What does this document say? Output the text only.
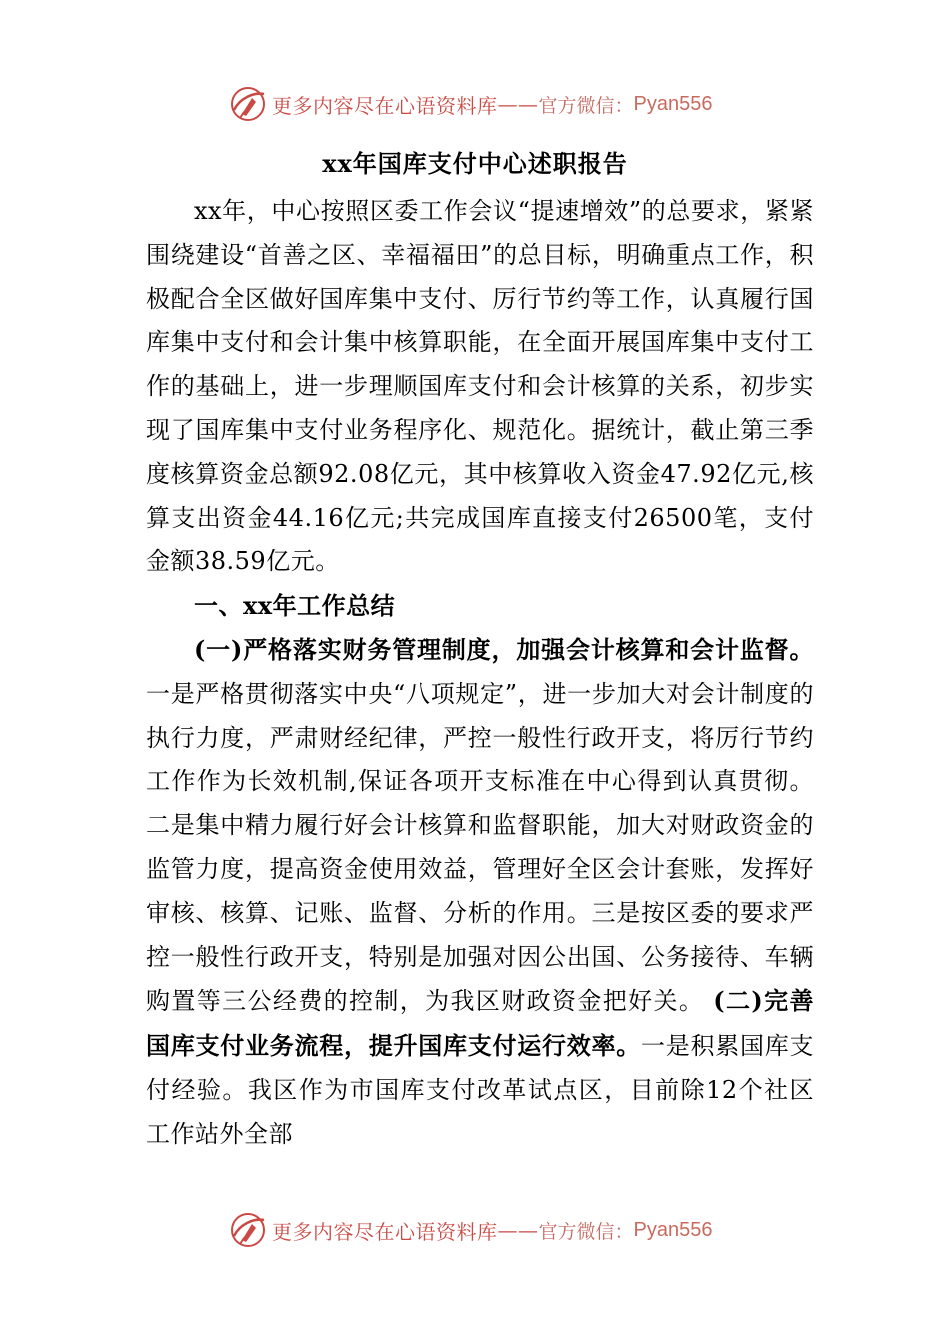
更多内容尽在心语资料库 —— 官方微信： Pyan556
xx年国库支付中心述职报告

xx年，中心按照区委工作会议“提速增效”的总要求，紧紧围绕建设“首善之区、幸福福田”的总目标，明确重点工作，积极配合全区做好国库集中支付、厉行节约等工作，认真履行国库集中支付和会计集中核算职能，在全面开展国库集中支付工作的基础上，进一步理顺国库支付和会计核算的关系，初步实现了国库集中支付业务程序化、规范化。据统计，截止第三季度核算资金总额92.08亿元，其中核算收入资金47.92亿元,核算支出资金44.16亿元;共完成国库直接支付26500笔，支付金额38.59亿元。

一、xx年工作总结

(一)严格落实财务管理制度，加强会计核算和会计监督。一是严格贯彻落实中央“八项规定”，进一步加大对会计制度的执行力度，严肃财经纪律，严控一般性行政开支，将厉行节约工作作为长效机制,保证各项开支标准在中心得到认真贯彻。二是集中精力履行好会计核算和监督职能，加大对财政资金的监管力度，提高资金使用效益，管理好全区会计套账，发挥好审核、核算、记账、监督、分析的作用。三是按区委的要求严控一般性行政开支，特别是加强对因公出国、公务接待、车辆购置等三公经费的控制，为我区财政资金把好关。 (二)完善国库支付业务流程，提升国库支付运行效率。一是积累国库支付经验。我区作为市国库支付改革试点区，目前除12个社区工作站外全部

更多内容尽在心语资料库 —— 官方微信： Pyan556
